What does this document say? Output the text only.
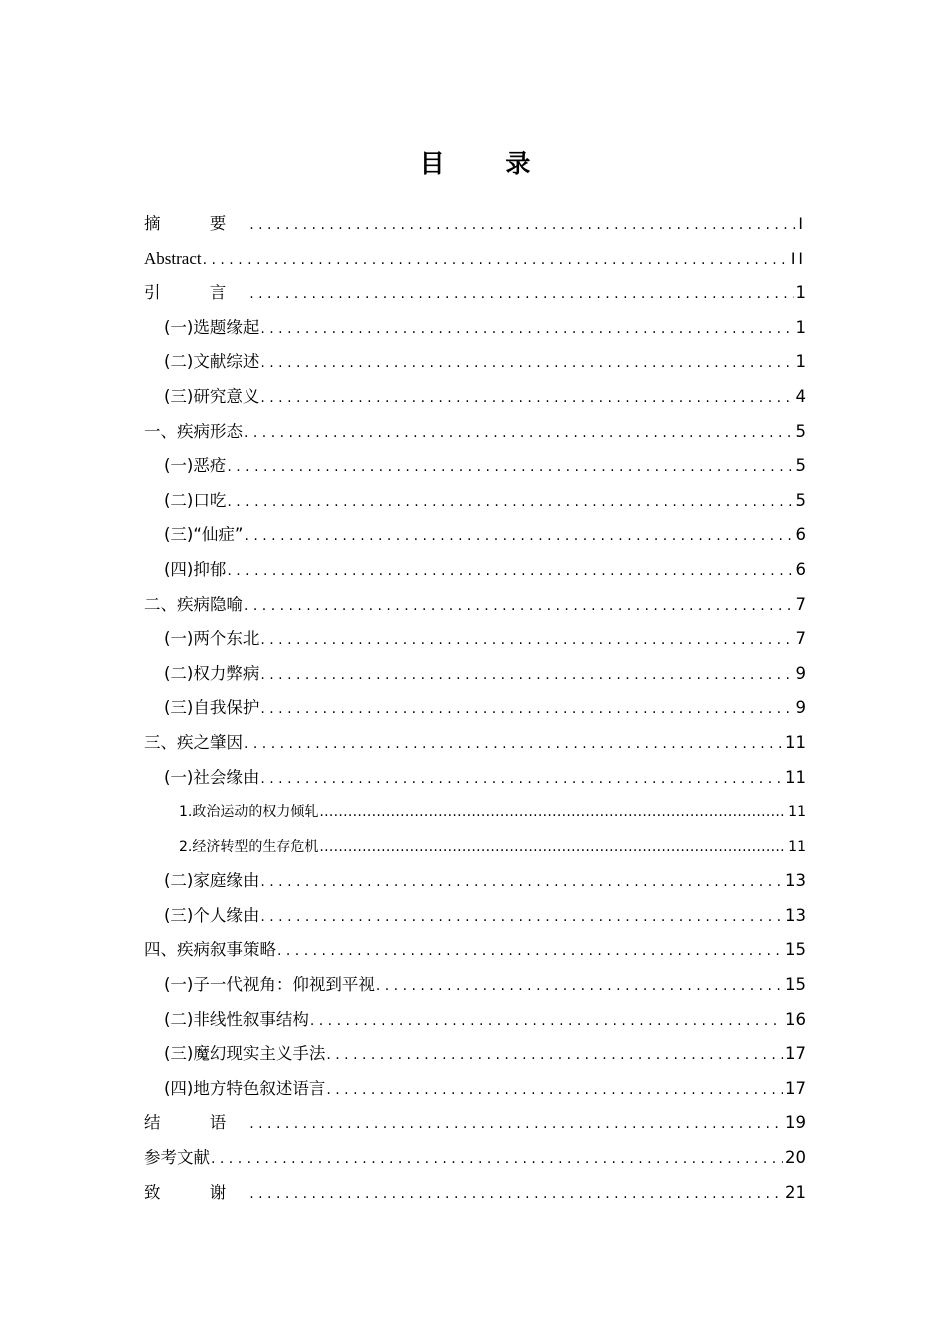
目 录
摘 要 . . .	I
Abstract . . .	II
引 言 . . .	1
(一)选题缘起 . . .	1
(二)文献综述 . . .	1
(三)研究意义 . . .	4
一、疾病形态 . . .	5
(一)恶疮 . . .	5
(二)口吃 . . .	5
(三)“仙症” . . .	6
(四)抑郁 . . .	6
二、疾病隐喻 . . .	7
(一)两个东北 . . .	7
(二)权力弊病 . . .	9
(三)自我保护 . . .	9
三、疾之肇因 . . .	11
(一)社会缘由 . . .	11
1.政治运动的权力倾轧 .....	11
2.经济转型的生存危机 .....	11
(二)家庭缘由 . . .	13
(三)个人缘由 . . .	13
四、疾病叙事策略 . . .	15
(一)子一代视角：仰视到平视 . . .	15
(二)非线性叙事结构 . . .	16
(三)魔幻现实主义手法 . . .	17
(四)地方特色叙述语言 . . .	17
结 语 . . .	19
参考文献 . . .	20
致 谢 . . .	21
